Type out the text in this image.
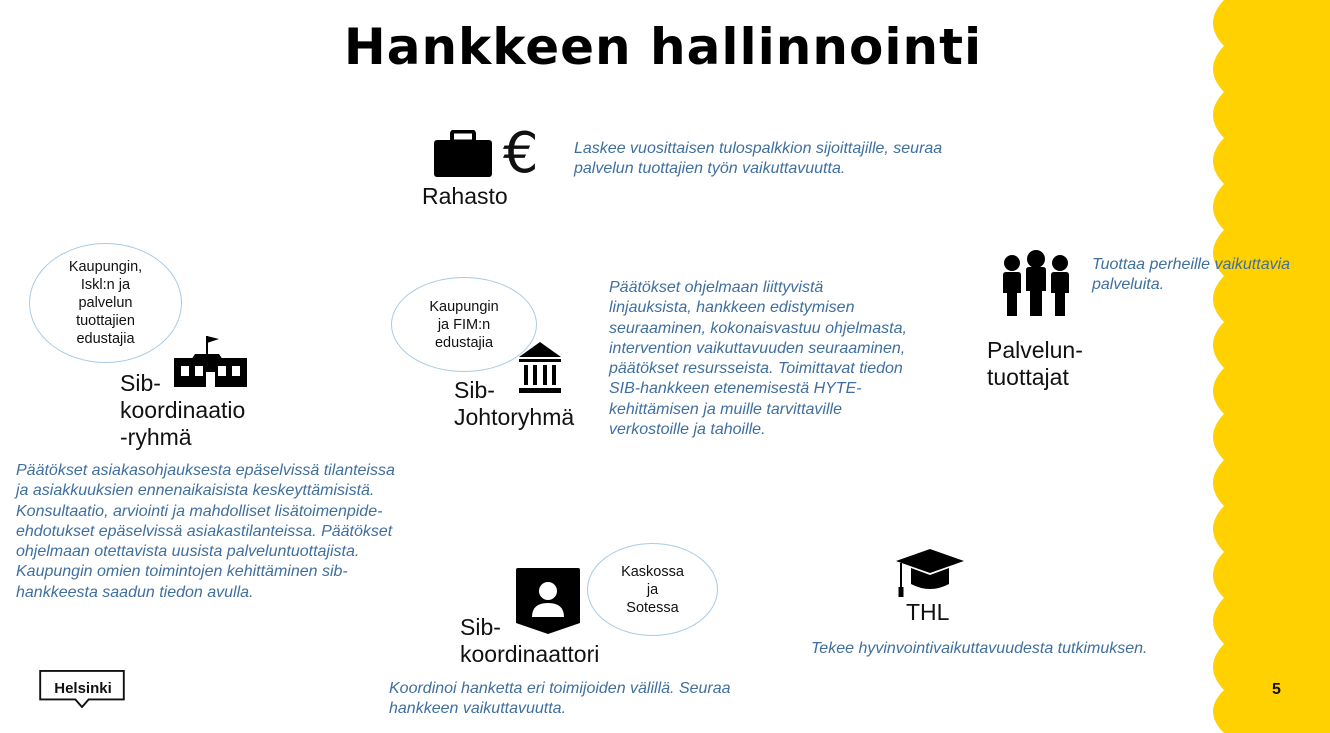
Hankkeen hallinnointi
€
Rahasto
Laskee vuosittaisen tulospalkkion sijoittajille, seuraa
palvelun tuottajien työn vaikuttavuutta.
Kaupungin,
Iskl:n ja
palvelun
tuottajien
edustajia
Sib-
koordinaatio
-ryhmä
Päätökset asiakasohjauksesta epäselvissä tilanteissa
ja asiakkuuksien ennenaikaisista keskeyttämisistä.
Konsultaatio, arviointi ja mahdolliset lisätoimenpide-
ehdotukset epäselvissä asiakastilanteissa. Päätökset
ohjelmaan otettavista uusista palveluntuottajista.
Kaupungin omien toimintojen kehittäminen sib-
hankkeesta saadun tiedon avulla.
Kaupungin
ja FIM:n
edustajia
Sib-
Johtoryhmä
Päätökset ohjelmaan liittyvistä
linjauksista, hankkeen edistymisen
seuraaminen, kokonaisvastuu ohjelmasta,
intervention vaikuttavuuden seuraaminen,
päätökset resursseista. Toimittavat tiedon
SIB-hankkeen etenemisestä HYTE-
kehittämisen ja muille tarvittaville
verkostoille ja tahoille.
Palvelun-
tuottajat
Tuottaa perheille vaikuttavia
palveluita.
Kaskossa
ja
Sotessa
Sib-
koordinaattori
Koordinoi hanketta eri toimijoiden välillä. Seuraa
hankkeen vaikuttavuutta.
THL
Tekee hyvinvointivaikuttavuudesta tutkimuksen.
Helsinki	5
